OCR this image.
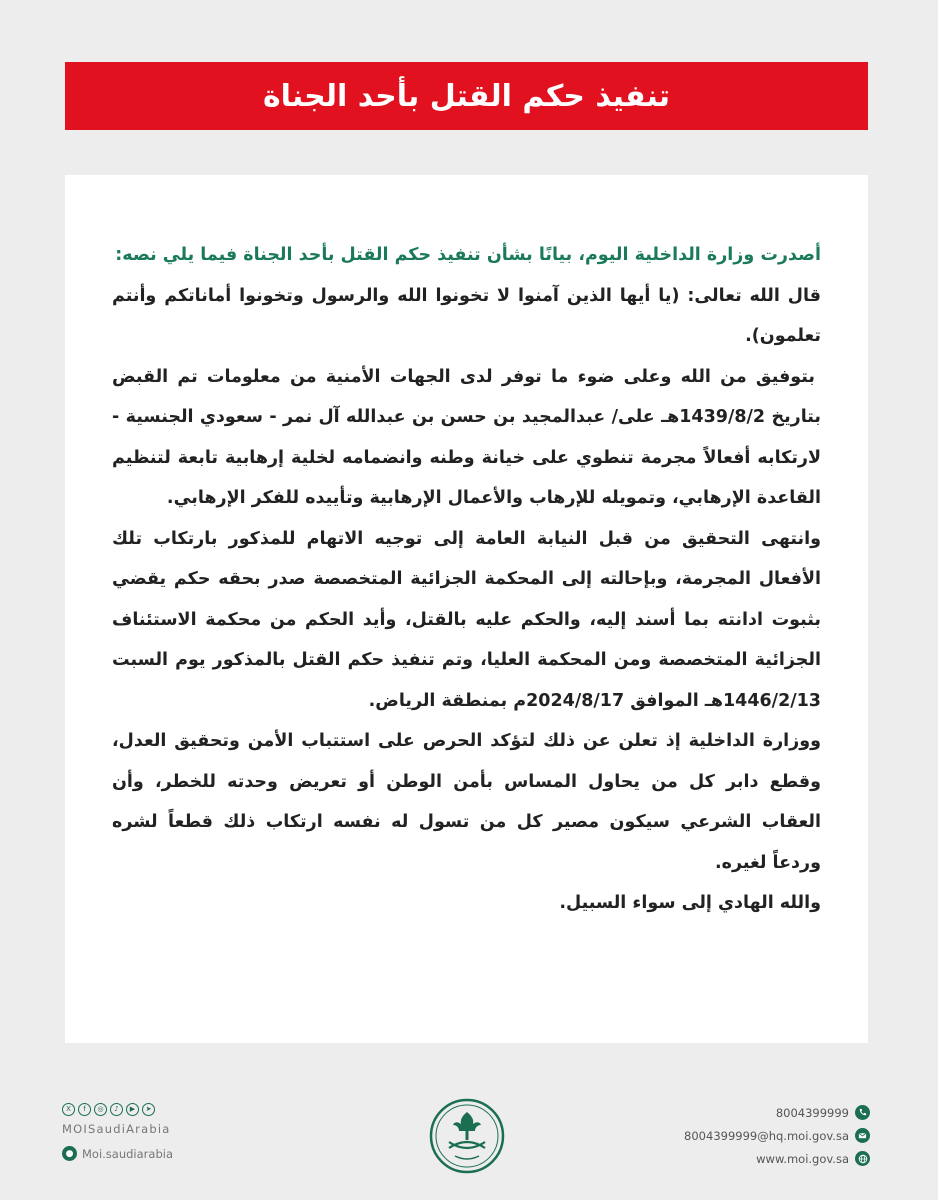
تنفيذ حكم القتل بأحد الجناة

أصدرت وزارة الداخلية اليوم، بيانًا بشأن تنفيذ حكم القتل بأحد الجناة فيما يلي نصه:

قال الله تعالى: (يا أيها الذين آمنوا لا تخونوا الله والرسول وتخونوا أماناتكم وأنتم تعلمون).

بتوفيق من الله وعلى ضوء ما توفر لدى الجهات الأمنية من معلومات تم القبض بتاريخ 1439/8/2هـ على/ عبدالمجيد بن حسن بن عبدالله آل نمر - سعودي الجنسية - لارتكابه أفعالاً مجرمة تنطوي على خيانة وطنه وانضمامه لخلية إرهابية تابعة لتنظيم القاعدة الإرهابي، وتمويله للإرهاب والأعمال الإرهابية وتأييده للفكر الإرهابي.

وانتهى التحقيق من قبل النيابة العامة إلى توجيه الاتهام للمذكور بارتكاب تلك الأفعال المجرمة، وبإحالته إلى المحكمة الجزائية المتخصصة صدر بحقه حكم يقضي بثبوت ادانته بما أسند إليه، والحكم عليه بالقتل، وأيد الحكم من محكمة الاستئناف الجزائية المتخصصة ومن المحكمة العليا، وتم تنفيذ حكم القتل بالمذكور يوم السبت 1446/2/13هـ الموافق 2024/8/17م بمنطقة الرياض.

ووزارة الداخلية إذ تعلن عن ذلك لتؤكد الحرص على استتباب الأمن وتحقيق العدل، وقطع دابر كل من يحاول المساس بأمن الوطن أو تعريض وحدته للخطر، وأن العقاب الشرعي سيكون مصير كل من تسول له نفسه ارتكاب ذلك قطعاً لشره وردعاً لغيره.

والله الهادي إلى سواء السبيل.

X	f	◎	♪	▶	➤
MOISaudiArabia
● Moi.saudiarabia
8004399999
8004399999@hq.moi.gov.sa
www.moi.gov.sa
